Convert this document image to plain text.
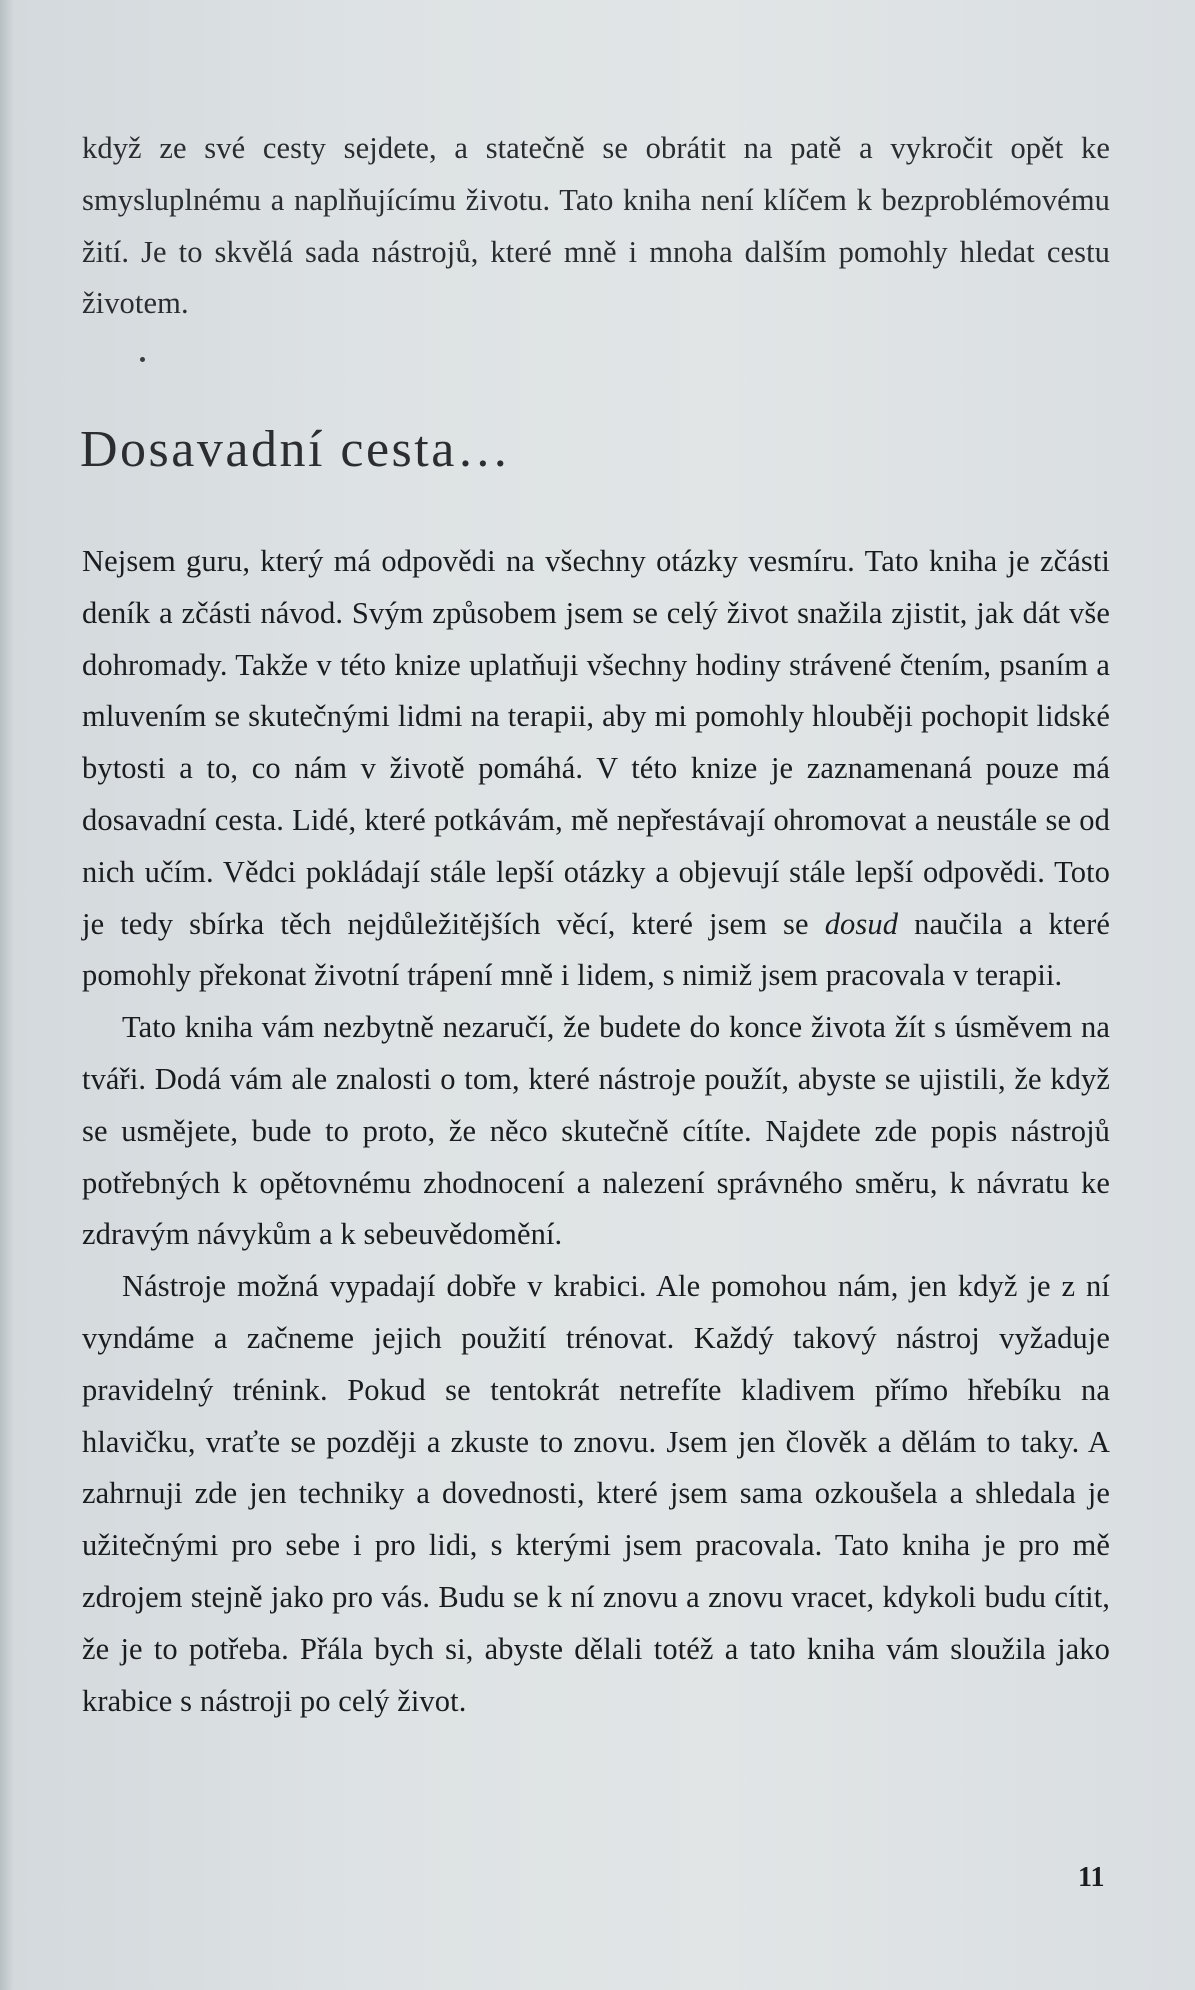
když ze své cesty sejdete, a statečně se obrátit na patě a vykročit opět ke smysluplnému a naplňujícímu životu. Tato kniha není klíčem k bezproblémovému žití. Je to skvělá sada nástrojů, které mně i mnoha dalším pomohly hledat cestu životem.

Dosavadní cesta…

Nejsem guru, který má odpovědi na všechny otázky vesmíru. Tato kniha je zčásti deník a zčásti návod. Svým způsobem jsem se celý život snažila zjistit, jak dát vše dohromady. Takže v této knize uplatňuji všechny hodiny strávené čtením, psaním a mluvením se skutečnými lidmi na terapii, aby mi pomohly hlouběji pochopit lidské bytosti a to, co nám v životě pomáhá. V této knize je zaznamenaná pouze má dosavadní cesta. Lidé, které potkávám, mě nepřestávají ohromovat a neustále se od nich učím. Vědci pokládají stále lepší otázky a objevují stále lepší odpovědi. Toto je tedy sbírka těch nejdůležitějších věcí, které jsem se dosud naučila a které pomohly překonat životní trápení mně i lidem, s nimiž jsem pracovala v terapii.

Tato kniha vám nezbytně nezaručí, že budete do konce života žít s úsměvem na tváři. Dodá vám ale znalosti o tom, které nástroje použít, abyste se ujistili, že když se usmějete, bude to proto, že něco skutečně cítíte. Najdete zde popis nástrojů potřebných k opětovnému zhodnocení a nalezení správného směru, k návratu ke zdravým návykům a k sebeuvědomění.

Nástroje možná vypadají dobře v krabici. Ale pomohou nám, jen když je z ní vyndáme a začneme jejich použití trénovat. Každý takový nástroj vyžaduje pravidelný trénink. Pokud se tentokrát netrefíte kladivem přímo hřebíku na hlavičku, vraťte se později a zkuste to znovu. Jsem jen člověk a dělám to taky. A zahrnuji zde jen techniky a dovednosti, které jsem sama ozkoušela a shledala je užitečnými pro sebe i pro lidi, s kterými jsem pracovala. Tato kniha je pro mě zdrojem stejně jako pro vás. Budu se k ní znovu a znovu vracet, kdykoli budu cítit, že je to potřeba. Přála bych si, abyste dělali totéž a tato kniha vám sloužila jako krabice s nástroji po celý život.

11
